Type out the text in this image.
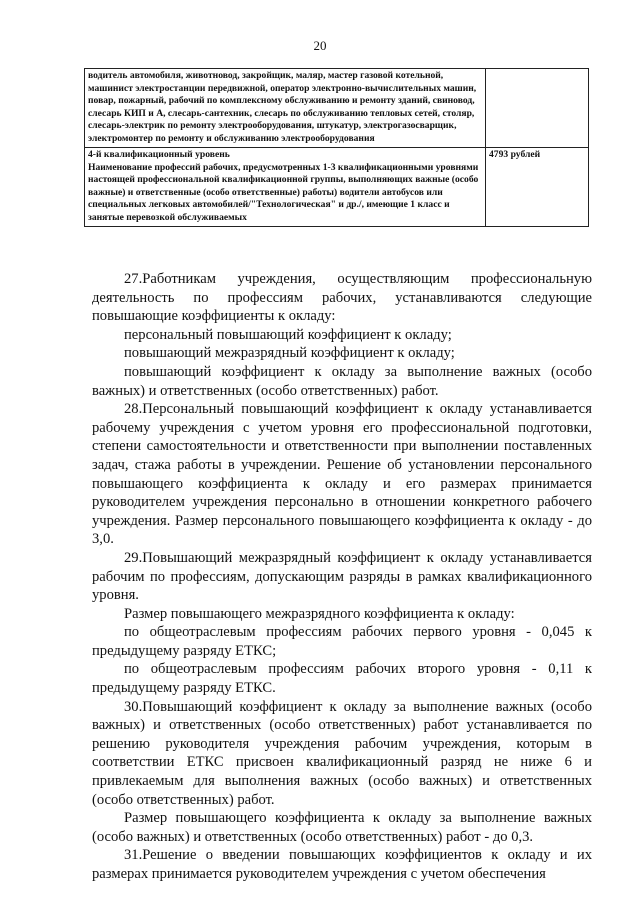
20
водитель автомобиля, животновод, закройщик, маляр, мастер газовой котельной, машинист электростанции передвижной, оператор электронно-вычислительных машин, повар, пожарный, рабочий по комплексному обслуживанию и ремонту зданий, свиновод, слесарь КИП и А, слесарь-сантехник, слесарь по обслуживанию тепловых сетей, столяр, слесарь-электрик по ремонту электрооборудования, штукатур, электрогазосварщик, электромонтер по ремонту и обслуживанию электрооборудования	

4-й квалификационный уровень
Наименование профессий рабочих, предусмотренных 1-3 квалификационными уровнями настоящей профессиональной квалификационной группы, выполняющих важные (особо важные) и ответственные (особо ответственные) работы) водители автобусов или специальных легковых автомобилей/"Технологическая" и др./, имеющие 1 класс и занятые перевозкой обслуживаемых	4793 рублей

27.Работникам учреждения, осуществляющим профессиональную деятельность по профессиям рабочих, устанавливаются следующие повышающие коэффициенты к окладу:

персональный повышающий коэффициент к окладу;

повышающий межразрядный коэффициент к окладу;

повышающий коэффициент к окладу за выполнение важных (особо важных) и ответственных (особо ответственных) работ.

28.Персональный повышающий коэффициент к окладу устанавливается рабочему учреждения с учетом уровня его профессиональной подготовки, степени самостоятельности и ответственности при выполнении поставленных задач, стажа работы в учреждении. Решение об установлении персонального повышающего коэффициента к окладу и его размерах принимается руководителем учреждения персонально в отношении конкретного рабочего учреждения. Размер персонального повышающего коэффициента к окладу - до 3,0.

29.Повышающий межразрядный коэффициент к окладу устанавливается рабочим по профессиям, допускающим разряды в рамках квалификационного уровня.

Размер повышающего межразрядного коэффициента к окладу:

по общеотраслевым профессиям рабочих первого уровня - 0,045 к предыдущему разряду ЕТКС;

по общеотраслевым профессиям рабочих второго уровня - 0,11 к предыдущему разряду ЕТКС.

30.Повышающий коэффициент к окладу за выполнение важных (особо важных) и ответственных (особо ответственных) работ устанавливается по решению руководителя учреждения рабочим учреждения, которым в соответствии ЕТКС присвоен квалификационный разряд не ниже 6 и привлекаемым для выполнения важных (особо важных) и ответственных (особо ответственных) работ.

Размер повышающего коэффициента к окладу за выполнение важных (особо важных) и ответственных (особо ответственных) работ - до 0,3.

31.Решение о введении повышающих коэффициентов к окладу и их размерах принимается руководителем учреждения с учетом обеспечения
